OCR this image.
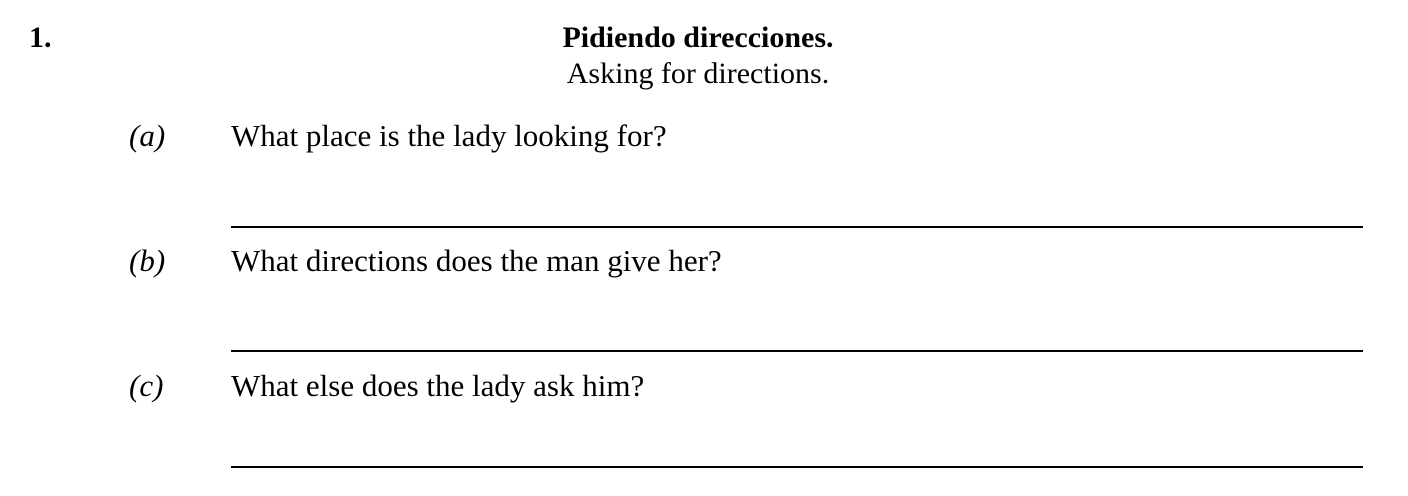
1.	Pidiendo direcciones.
Asking for directions.
(a) What place is the lady looking for?
(b) What directions does the man give her?
(c) What else does the lady ask him?
